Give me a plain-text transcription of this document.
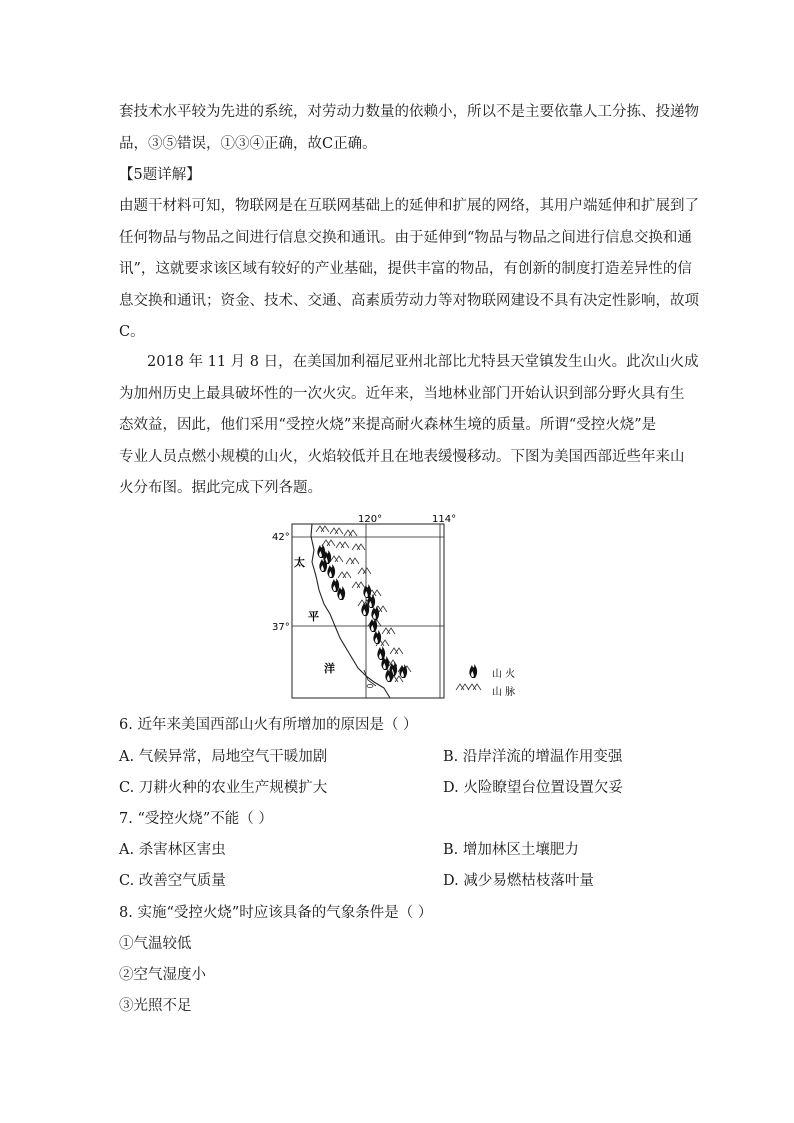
套技术水平较为先进的系统，对劳动力数量的依赖小，所以不是主要依靠人工分拣、投递物
品，③⑤错误，①③④正确，故C正确。
【5题详解】
由题干材料可知，物联网是在互联网基础上的延伸和扩展的网络，其用户端延伸和扩展到了
任何物品与物品之间进行信息交换和通讯。由于延伸到“物品与物品之间进行信息交换和通
讯”，这就要求该区域有较好的产业基础，提供丰富的物品，有创新的制度打造差异性的信
息交换和通讯；资金、技术、交通、高素质劳动力等对物联网建设不具有决定性影响，故项
C。
2018 年 11 月 8 日，在美国加利福尼亚州北部比尤特县天堂镇发生山火。此次山火成
为加州历史上最具破坏性的一次火灾。近年来，当地林业部门开始认识到部分野火具有生
态效益，因此，他们采用“受控火烧”来提高耐火森林生境的质量。所谓“受控火烧”是
专业人员点燃小规模的山火，火焰较低并且在地表缓慢移动。下图为美国西部近些年来山
火分布图。据此完成下列各题。
120°	114°
42°
37°
太
平
洋	山 火
山 脉
6. 近年来美国西部山火有所增加的原因是（ ）
A. 气候异常，局地空气干暖加剧	B. 沿岸洋流的增温作用变强
C. 刀耕火种的农业生产规模扩大	D. 火险瞭望台位置设置欠妥
7. “受控火烧”不能（ ）
A. 杀害林区害虫	B. 增加林区土壤肥力
C. 改善空气质量	D. 减少易燃枯枝落叶量
8. 实施“受控火烧”时应该具备的气象条件是（ ）
①气温较低
②空气湿度小
③光照不足
